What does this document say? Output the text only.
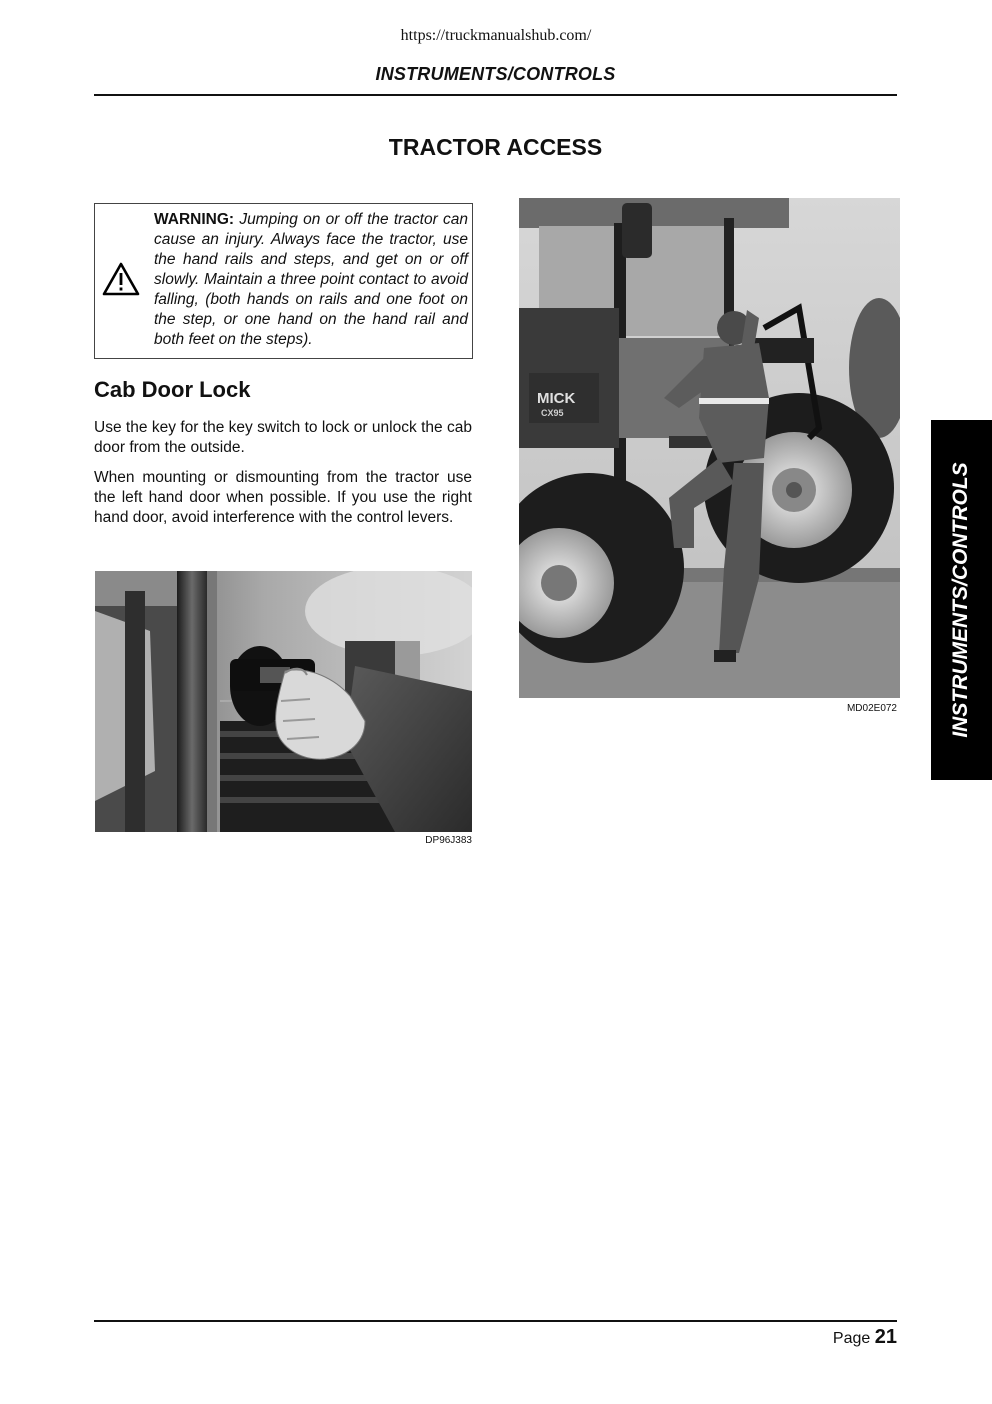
https://truckmanualshub.com/
INSTRUMENTS/CONTROLS
TRACTOR ACCESS
WARNING: Jumping on or off the tractor can cause an injury. Always face the tractor, use the hand rails and steps, and get on or off slowly. Maintain a three point contact to avoid falling, (both hands on rails and one foot on the step, or one hand on the hand rail and both feet on the steps).
Cab Door Lock
Use the key for the key switch to lock or unlock the cab door from the outside.
When mounting or dismounting from the tractor use the left hand door when possible. If you use the right hand door, avoid interference with the control levers.
DP96J383
MICK
CX95
MD02E072 INSTRUMENTS/CONTROLS
Page 21
